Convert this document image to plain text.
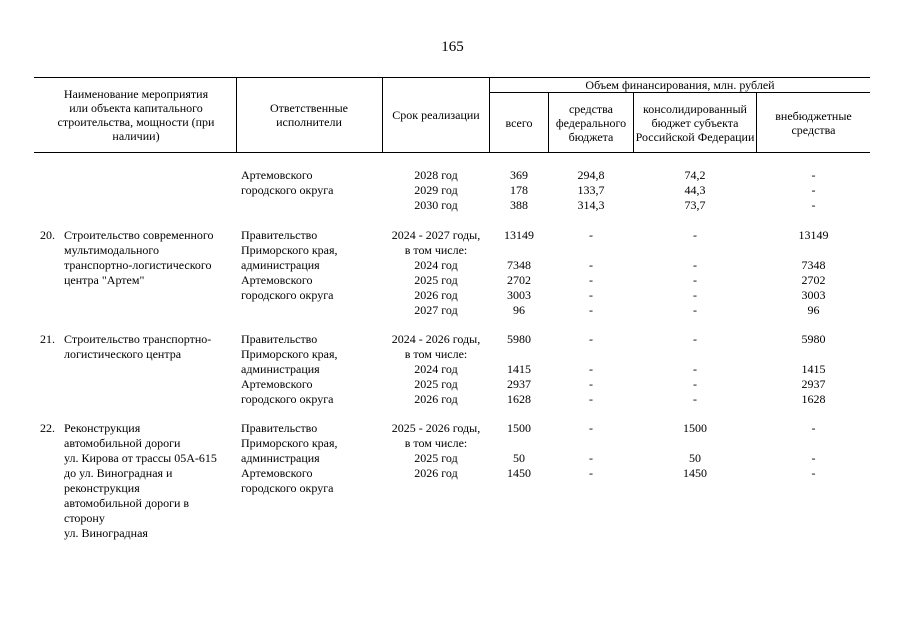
165
Наименование мероприятия или объекта капитального строительства, мощности (при наличии)
Ответственные исполнители	Срок реализации
Объем финансирования, млн. рублей
всего
средства федерального бюджета
консолидированный бюджет субъекта Российской Федерации
внебюджетные средства
Артемовского
городского округа
2028 год
2029 год
2030 год
369
178
388
294,8
133,7
314,3
74,2
44,3
73,7
-
-
-
20. Строительство современного
мультимодального
транспортно-логистического
центра "Артем"
Правительство
Приморского края,
администрация
Артемовского
городского округа
2024 - 2027 годы,
в том числе:
2024 год
2025 год
2026 год
2027 год
13149
7348
2702
3003
96
-
-
-
-
-
-
-
-
-
-
13149
7348
2702
3003
96
21. Строительство транспортно-
логистического центра
Правительство
Приморского края,
администрация
Артемовского
городского округа
2024 - 2026 годы,
в том числе:
2024 год
2025 год
2026 год
5980
1415
2937
1628
-
-
-
-
-
-
-
-
5980
1415
2937
1628
22. Реконструкция
автомобильной дороги
ул. Кирова от трассы 05А-615
до ул. Виноградная и
реконструкция
автомобильной дороги в
сторону
ул. Виноградная
Правительство
Приморского края,
администрация
Артемовского
городского округа
2025 - 2026 годы,
в том числе:
2025 год
2026 год
1500
50
1450
-
-
-
1500
50
1450
-
-
-
